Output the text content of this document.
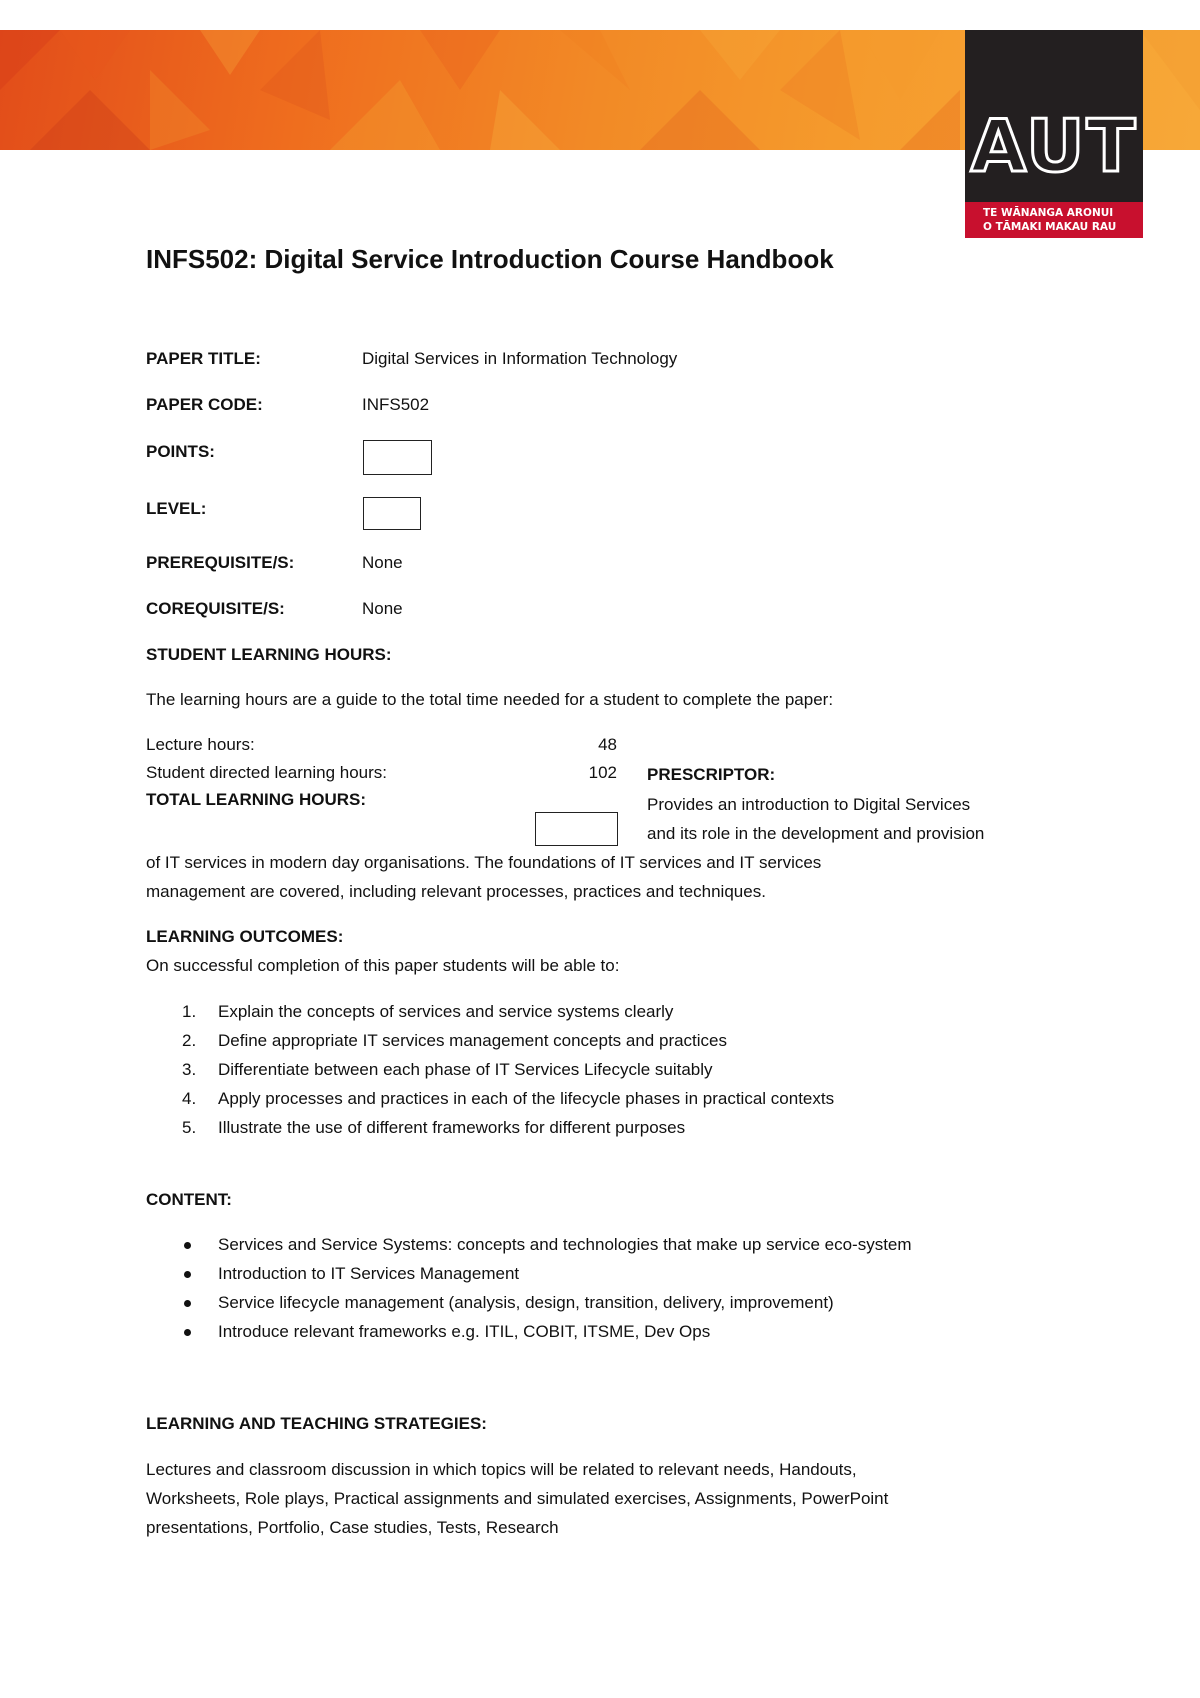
AUT
TE WĀNANGA ARONUI
O TĀMAKI MAKAU RAU
INFS502: Digital Service Introduction Course Handbook
PAPER TITLE:	Digital Services in Information Technology
PAPER CODE:	INFS502
POINTS:
LEVEL:
PREREQUISITE/S:	None
COREQUISITE/S:	None
STUDENT LEARNING HOURS:
The learning hours are a guide to the total time needed for a student to complete the paper:
Lecture hours:	48
Student directed learning hours:	102
TOTAL LEARNING HOURS:
PRESCRIPTOR:
Provides an introduction to Digital Services
and its role in the development and provision
of IT services in modern day organisations. The foundations of IT services and IT services
management are covered, including relevant processes, practices and techniques.
LEARNING OUTCOMES:
On successful completion of this paper students will be able to:
1.	Explain the concepts of services and service systems clearly
2.	Define appropriate IT services management concepts and practices
3.	Differentiate between each phase of IT Services Lifecycle suitably
4.	Apply processes and practices in each of the lifecycle phases in practical contexts
5.	Illustrate the use of different frameworks for different purposes
CONTENT:
Services and Service Systems: concepts and technologies that make up service eco-system
Introduction to IT Services Management
Service lifecycle management (analysis, design, transition, delivery, improvement)
Introduce relevant frameworks e.g. ITIL, COBIT, ITSME, Dev Ops
LEARNING AND TEACHING STRATEGIES:
Lectures and classroom discussion in which topics will be related to relevant needs, Handouts,
Worksheets, Role plays, Practical assignments and simulated exercises, Assignments, PowerPoint
presentations, Portfolio, Case studies, Tests, Research
